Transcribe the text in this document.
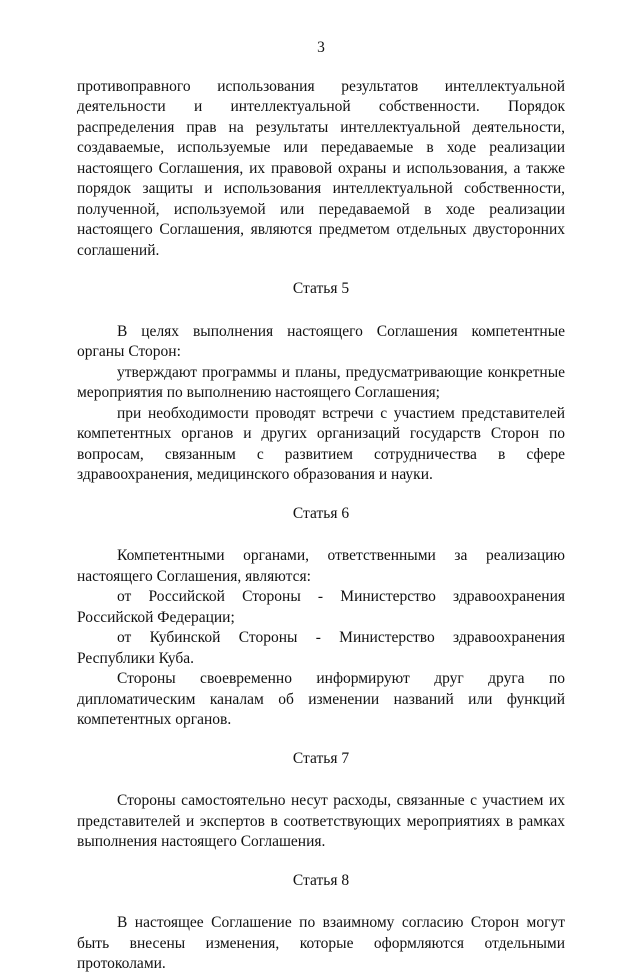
3

противоправного использования результатов интеллектуальной деятельности и интеллектуальной собственности. Порядок распределения прав на результаты интеллектуальной деятельности, создаваемые, используемые или передаваемые в ходе реализации настоящего Соглашения, их правовой охраны и использования, а также порядок защиты и использования интеллектуальной собственности, полученной, используемой или передаваемой в ходе реализации настоящего Соглашения, являются предметом отдельных двусторонних соглашений.

Статья 5

В целях выполнения настоящего Соглашения компетентные органы Сторон:

утверждают программы и планы, предусматривающие конкретные мероприятия по выполнению настоящего Соглашения;

при необходимости проводят встречи с участием представителей компетентных органов и других организаций государств Сторон по вопросам, связанным с развитием сотрудничества в сфере здравоохранения, медицинского образования и науки.

Статья 6

Компетентными органами, ответственными за реализацию настоящего Соглашения, являются:

от Российской Стороны - Министерство здравоохранения Российской Федерации;

от Кубинской Стороны - Министерство здравоохранения Республики Куба.

Стороны своевременно информируют друг друга по дипломатическим каналам об изменении названий или функций компетентных органов.

Статья 7

Стороны самостоятельно несут расходы, связанные с участием их представителей и экспертов в соответствующих мероприятиях в рамках выполнения настоящего Соглашения.

Статья 8

В настоящее Соглашение по взаимному согласию Сторон могут быть внесены изменения, которые оформляются отдельными протоколами.
